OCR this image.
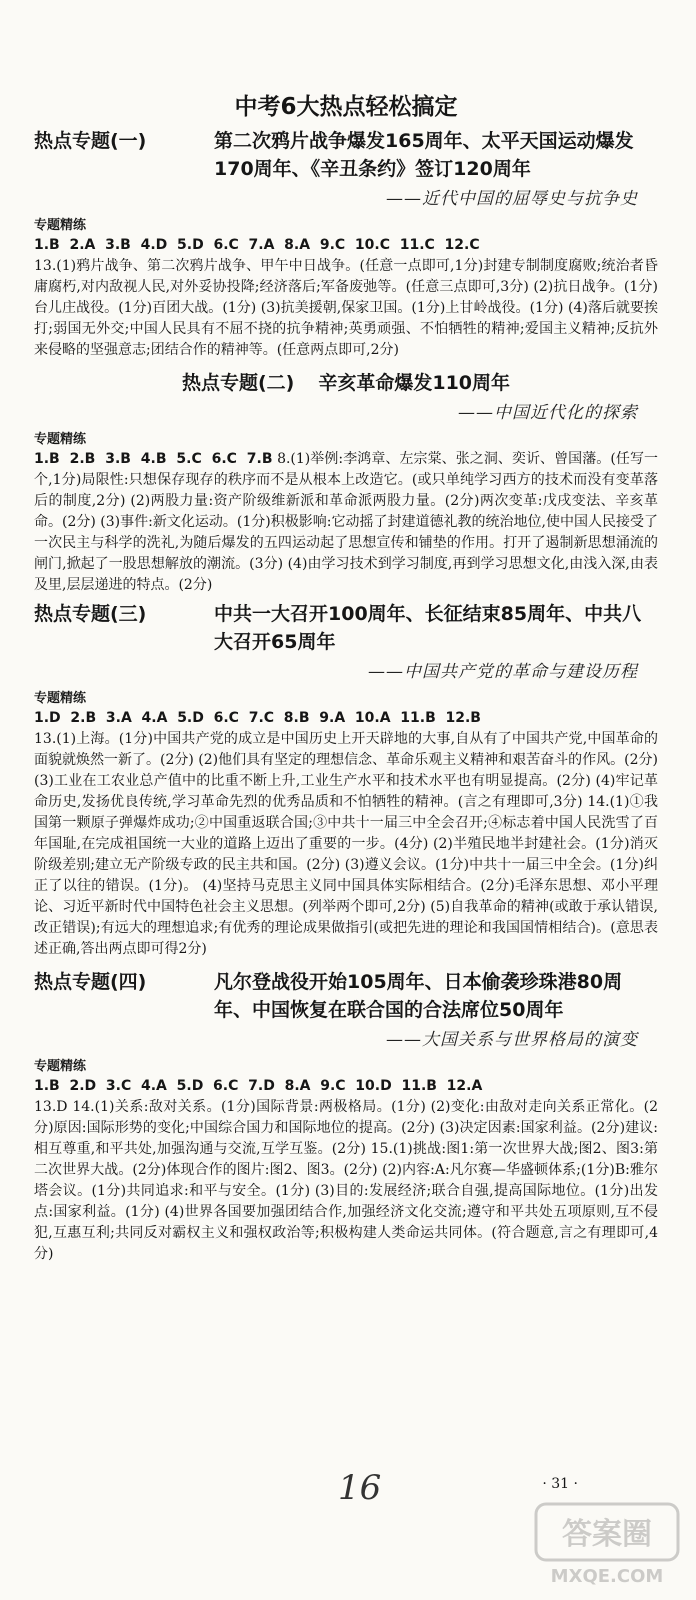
中考6大热点轻松搞定
热点专题(一)	第二次鸦片战争爆发165周年、太平天国运动爆发170周年、《辛丑条约》签订120周年
——近代中国的屈辱史与抗争史
专题精练
1.B  2.A  3.B  4.D  5.D  6.C  7.A  8.A  9.C  10.C  11.C  12.C

13.(1)鸦片战争、第二次鸦片战争、甲午中日战争。(任意一点即可,1分)封建专制制度腐败;统治者昏庸腐朽,对内敌视人民,对外妥协投降;经济落后;军备废弛等。(任意三点即可,3分) (2)抗日战争。(1分)台儿庄战役。(1分)百团大战。(1分) (3)抗美援朝,保家卫国。(1分)上甘岭战役。(1分) (4)落后就要挨打;弱国无外交;中国人民具有不屈不挠的抗争精神;英勇顽强、不怕牺牲的精神;爱国主义精神;反抗外来侵略的坚强意志;团结合作的精神等。(任意两点即可,2分)

热点专题(二) 辛亥革命爆发110周年
——中国近代化的探索
专题精练

1.B  2.B  3.B  4.B  5.C  6.C  7.B 8.(1)举例:李鸿章、左宗棠、张之洞、奕䜣、曾国藩。(任写一个,1分)局限性:只想保存现存的秩序而不是从根本上改造它。(或只单纯学习西方的技术而没有变革落后的制度,2分) (2)两股力量:资产阶级维新派和革命派两股力量。(2分)两次变革:戊戌变法、辛亥革命。(2分) (3)事件:新文化运动。(1分)积极影响:它动摇了封建道德礼教的统治地位,使中国人民接受了一次民主与科学的洗礼,为随后爆发的五四运动起了思想宣传和铺垫的作用。打开了遏制新思想涌流的闸门,掀起了一股思想解放的潮流。(3分) (4)由学习技术到学习制度,再到学习思想文化,由浅入深,由表及里,层层递进的特点。(2分)

热点专题(三)	中共一大召开100周年、长征结束85周年、中共八大召开65周年
——中国共产党的革命与建设历程
专题精练
1.D  2.B  3.A  4.A  5.D  6.C  7.C  8.B  9.A  10.A  11.B  12.B

13.(1)上海。(1分)中国共产党的成立是中国历史上开天辟地的大事,自从有了中国共产党,中国革命的面貌就焕然一新了。(2分) (2)他们具有坚定的理想信念、革命乐观主义精神和艰苦奋斗的作风。(2分) (3)工业在工农业总产值中的比重不断上升,工业生产水平和技术水平也有明显提高。(2分) (4)牢记革命历史,发扬优良传统,学习革命先烈的优秀品质和不怕牺牲的精神。(言之有理即可,3分) 14.(1)①我国第一颗原子弹爆炸成功;②中国重返联合国;③中共十一届三中全会召开;④标志着中国人民洗雪了百年国耻,在完成祖国统一大业的道路上迈出了重要的一步。(4分) (2)半殖民地半封建社会。(1分)消灭阶级差别;建立无产阶级专政的民主共和国。(2分) (3)遵义会议。(1分)中共十一届三中全会。(1分)纠正了以往的错误。(1分)。 (4)坚持马克思主义同中国具体实际相结合。(2分)毛泽东思想、邓小平理论、习近平新时代中国特色社会主义思想。(列举两个即可,2分) (5)自我革命的精神(或敢于承认错误,改正错误);有远大的理想追求;有优秀的理论成果做指引(或把先进的理论和我国国情相结合)。(意思表述正确,答出两点即可得2分)

热点专题(四)	凡尔登战役开始105周年、日本偷袭珍珠港80周年、中国恢复在联合国的合法席位50周年
——大国关系与世界格局的演变
专题精练
1.B  2.D  3.C  4.A  5.D  6.C  7.D  8.A  9.C  10.D  11.B  12.A

13.D 14.(1)关系:敌对关系。(1分)国际背景:两极格局。(1分) (2)变化:由敌对走向关系正常化。(2分)原因:国际形势的变化;中国综合国力和国际地位的提高。(2分) (3)决定因素:国家利益。(2分)建议:相互尊重,和平共处,加强沟通与交流,互学互鉴。(2分) 15.(1)挑战:图1:第一次世界大战;图2、图3:第二次世界大战。(2分)体现合作的图片:图2、图3。(2分) (2)内容:A:凡尔赛—华盛顿体系;(1分)B:雅尔塔会议。(1分)共同追求:和平与安全。(1分) (3)目的:发展经济;联合自强,提高国际地位。(1分)出发点:国家利益。(1分) (4)世界各国要加强团结合作,加强经济文化交流;遵守和平共处五项原则,互不侵犯,互惠互利;共同反对霸权主义和强权政治等;积极构建人类命运共同体。(符合题意,言之有理即可,4分)

· 31 ·
16
答案圈
MXQE.COM
